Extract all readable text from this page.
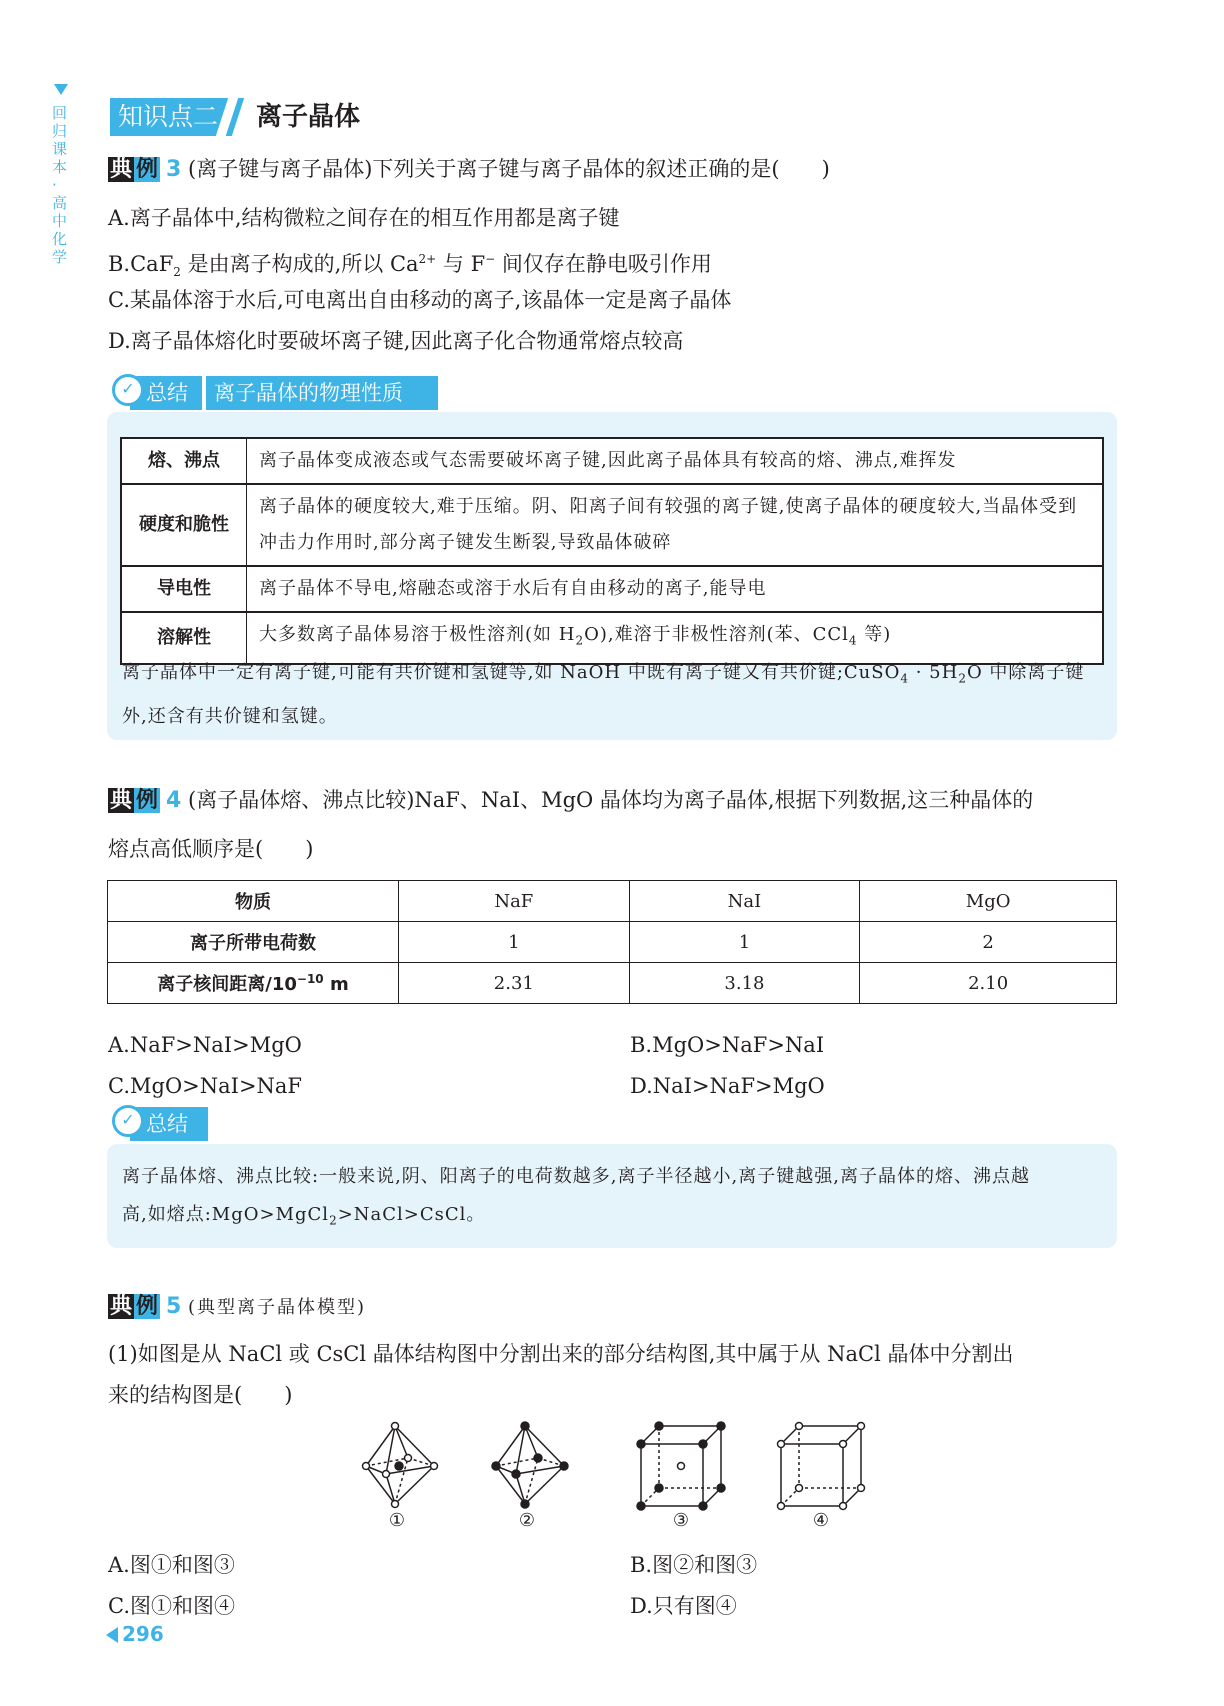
回归课本·高中化学
知识点二	离子晶体
典 例 3 (离子键与离子晶体)下列关于离子键与离子晶体的叙述正确的是(　　)
A.离子晶体中,结构微粒之间存在的相互作用都是离子键
B.CaF$_2$ 是由离子构成的,所以 $Ca^{2+}$ 与 F− 间仅存在静电吸引作用
C.某晶体溶于水后,可电离出自由移动的离子,该晶体一定是离子晶体
D.离子晶体熔化时要破坏离子键,因此离子化合物通常熔点较高
总结	离子晶体的物理性质
✓
熔、沸点	离子晶体变成液态或气态需要破坏离子键,因此离子晶体具有较高的熔、沸点,难挥发
硬度和脆性	离子晶体的硬度较大,难于压缩。阴、阳离子间有较强的离子键,使离子晶体的硬度较大,当晶体受到冲击力作用时,部分离子键发生断裂,导致晶体破碎
导电性	离子晶体不导电,熔融态或溶于水后有自由移动的离子,能导电
溶解性	大多数离子晶体易溶于极性溶剂(如 $H_2O$),难溶于非极性溶剂(苯、CCl$_4$ 等)
离子晶体中一定有离子键,可能有共价键和氢键等,如 NaOH 中既有离子键又有共价键;CuSO$_4$ · $5H_2O$ 中除离子键外,还含有共价键和氢键。
典 例 4 (离子晶体熔、沸点比较)NaF、NaI、MgO 晶体均为离子晶体,根据下列数据,这三种晶体的
熔点高低顺序是(　　)
物质	NaF	NaI	MgO
离子所带电荷数	1	1	2
离子核间距离$/10^{-10}$ m	2.31	3.18	2.10
A.NaF>NaI>MgO	B.MgO>NaF>NaI
C.MgO>NaI>NaF	D.NaI>NaF>MgO
总结
✓
离子晶体熔、沸点比较:一般来说,阴、阳离子的电荷数越多,离子半径越小,离子键越强,离子晶体的熔、沸点越
高,如熔点:MgO>MgCl$_2$>NaCl>CsCl。
典 例 5 (典型离子晶体模型)
(1)如图是从 NaCl 或 CsCl 晶体结构图中分割出来的部分结构图,其中属于从 NaCl 晶体中分割出
来的结构图是(　　)
①	②	③	④
A.图①和图③	B.图②和图③
C.图①和图④	D.只有图④
296
